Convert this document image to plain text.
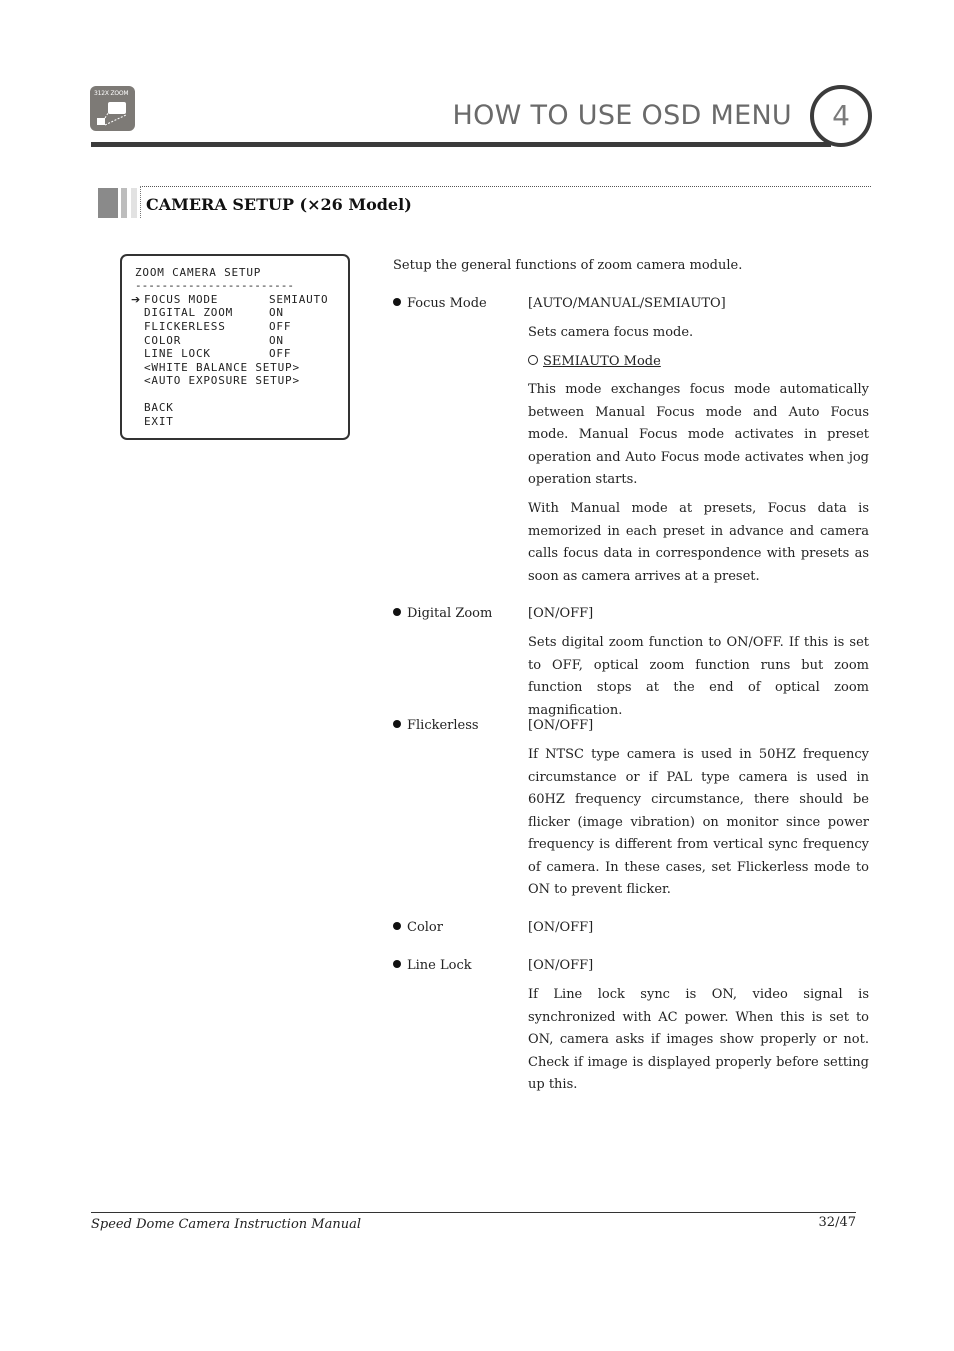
312X ZOOM
HOW TO USE OSD MENU	4
CAMERA SETUP (×26 Model)
ZOOM CAMERA SETUP
------------------------
➔ FOCUS MODE	SEMIAUTO
DIGITAL ZOOM	ON
FLICKERLESS	OFF
COLOR	ON
LINE LOCK	OFF
<WHITE BALANCE SETUP>
<AUTO EXPOSURE SETUP>
BACK
EXIT
Setup the general functions of zoom camera module.
Focus Mode	[AUTO/MANUAL/SEMIAUTO]
Sets camera focus mode.
SEMIAUTO Mode
This mode exchanges focus mode automatically between Manual Focus mode and Auto Focus mode. Manual Focus mode activates in preset operation and Auto Focus mode activates when jog operation starts.
With Manual mode at presets, Focus data is memorized in each preset in advance and camera calls focus data in correspondence with presets as soon as camera arrives at a preset.
Digital Zoom	[ON/OFF]
Sets digital zoom function to ON/OFF. If this is set to OFF, optical zoom function runs but zoom function stops at the end of optical zoom magnification.
Flickerless	[ON/OFF]
If NTSC type camera is used in 50HZ frequency circumstance or if PAL type camera is used in 60HZ frequency circumstance, there should be flicker (image vibration) on monitor since power frequency is different from vertical sync frequency of camera. In these cases, set Flickerless mode to ON to prevent flicker.
Color	[ON/OFF]
Line Lock	[ON/OFF]
If Line lock sync is ON, video signal is synchronized with AC power. When this is set to ON, camera asks if images show properly or not. Check if image is displayed properly before setting up this.
Speed Dome Camera Instruction Manual	32/47
